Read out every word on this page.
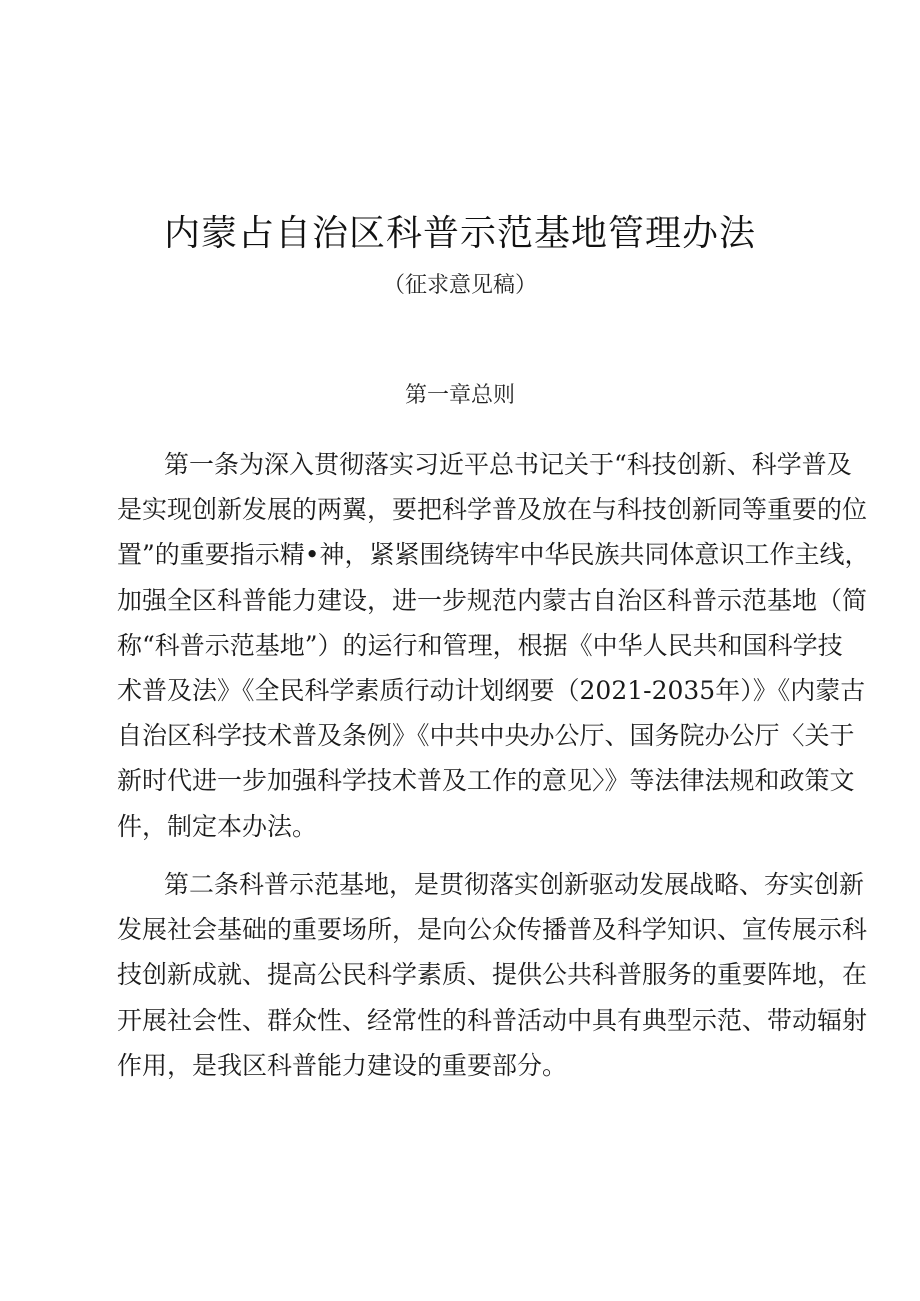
内蒙占自治区科普示范基地管理办法
（征求意见稿）
第一章总则
第一条为深入贯彻落实习近平总书记关于“科技创新、科学普及
是实现创新发展的两翼，要把科学普及放在与科技创新同等重要的位
置”的重要指示精•神，紧紧围绕铸牢中华民族共同体意识工作主线，
加强全区科普能力建设，进一步规范内蒙古自治区科普示范基地（简
称“科普示范基地”）的运行和管理，根据《中华人民共和国科学技
术普及法》《全民科学素质行动计划纲要（2021-2035年）》《内蒙古
自治区科学技术普及条例》《中共中央办公厅、国务院办公厅〈关于
新时代进一步加强科学技术普及工作的意见〉》等法律法规和政策文
件，制定本办法。
第二条科普示范基地，是贯彻落实创新驱动发展战略、夯实创新
发展社会基础的重要场所，是向公众传播普及科学知识、宣传展示科
技创新成就、提高公民科学素质、提供公共科普服务的重要阵地，在
开展社会性、群众性、经常性的科普活动中具有典型示范、带动辐射
作用，是我区科普能力建设的重要部分。
